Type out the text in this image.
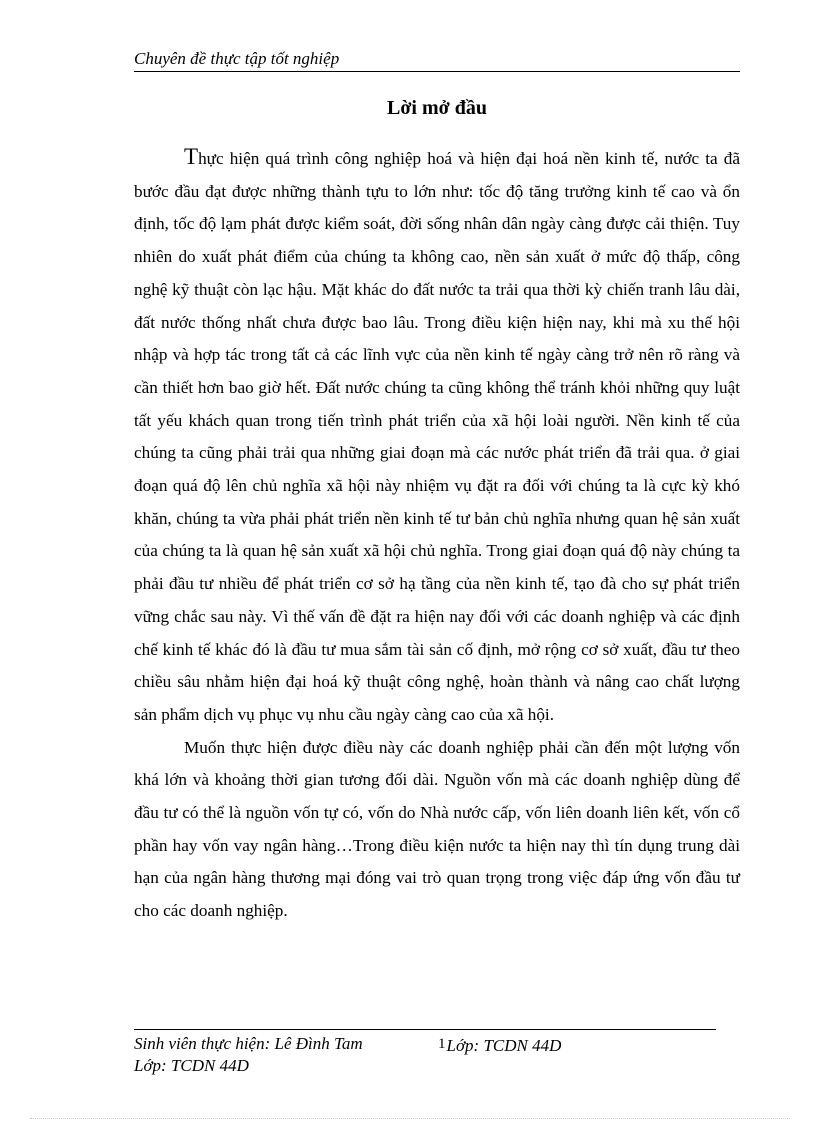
Chuyên đề thực tập tốt nghiệp
Lời mở đầu

Thực hiện quá trình công nghiệp hoá và hiện đại hoá nền kinh tế, nước ta đã bước đầu đạt được những thành tựu to lớn như: tốc độ tăng trưởng kinh tế cao và ổn định, tốc độ lạm phát được kiểm soát, đời sống nhân dân ngày càng được cải thiện. Tuy nhiên do xuất phát điểm của chúng ta không cao, nền sản xuất ở mức độ thấp, công nghệ kỹ thuật còn lạc hậu. Mặt khác do đất nước ta trải qua thời kỳ chiến tranh lâu dài, đất nước thống nhất chưa được bao lâu. Trong điều kiện hiện nay, khi mà xu thế hội nhập và hợp tác trong tất cả các lĩnh vực của nền kinh tế ngày càng trở nên rõ ràng và cần thiết hơn bao giờ hết. Đất nước chúng ta cũng không thể tránh khỏi những quy luật tất yếu khách quan trong tiến trình phát triển của xã hội loài người. Nền kinh tế của chúng ta cũng phải trải qua những giai đoạn mà các nước phát triển đã trải qua. ở giai đoạn quá độ lên chủ nghĩa xã hội này nhiệm vụ đặt ra đối với chúng ta là cực kỳ khó khăn, chúng ta vừa phải phát triển nền kinh tế tư bản chủ nghĩa nhưng quan hệ sản xuất của chúng ta là quan hệ sản xuất xã hội chủ nghĩa. Trong giai đoạn quá độ này chúng ta phải đầu tư nhiều để phát triển cơ sở hạ tầng của nền kinh tế, tạo đà cho sự phát triển vững chắc sau này. Vì thế vấn đề đặt ra hiện nay đối với các doanh nghiệp và các định chế kinh tế khác đó là đầu tư mua sắm tài sản cố định, mở rộng cơ sở xuất, đầu tư theo chiều sâu nhằm hiện đại hoá kỹ thuật công nghệ, hoàn thành và nâng cao chất lượng sản phẩm dịch vụ phục vụ nhu cầu ngày càng cao của xã hội.

Muốn thực hiện được điều này các doanh nghiệp phải cần đến một lượng vốn khá lớn và khoảng thời gian tương đối dài. Nguồn vốn mà các doanh nghiệp dùng để đầu tư có thể là nguồn vốn tự có, vốn do Nhà nước cấp, vốn liên doanh liên kết, vốn cổ phần hay vốn vay ngân hàng…Trong điều kiện nước ta hiện nay thì tín dụng trung dài hạn của ngân hàng thương mại đóng vai trò quan trọng trong việc đáp ứng vốn đầu tư cho các doanh nghiệp.

Sinh viên thực hiện: Lê Đình Tam	1Lớp: TCDN 44D
Lớp: TCDN 44D
